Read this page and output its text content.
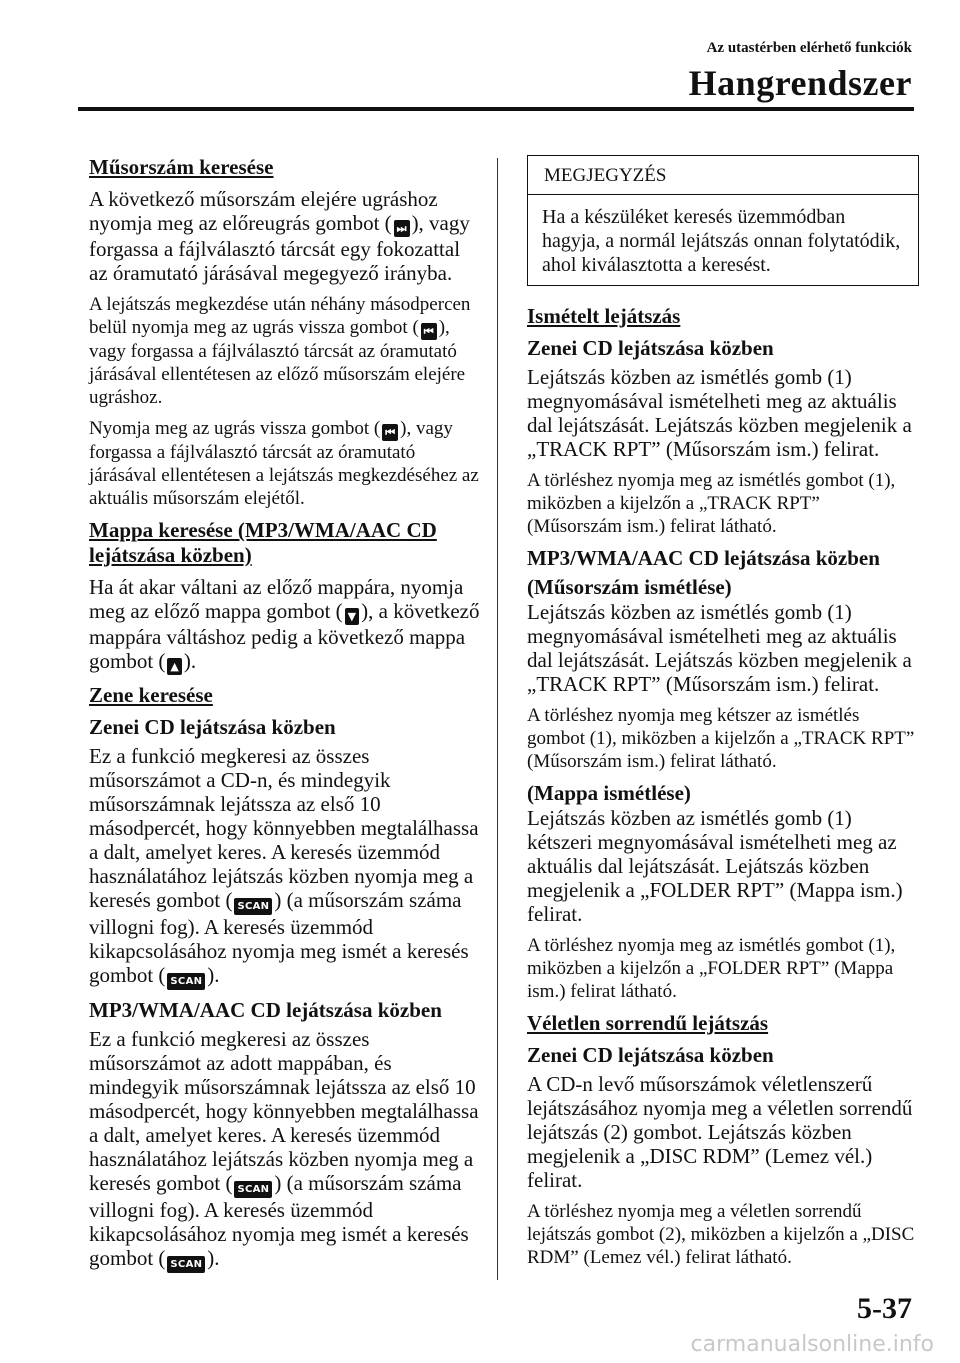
Az utastérben elérhető funkciók
Hangrendszer
Műsorszám keresése

A következő műsorszám elejére ugráshoz nyomja meg az előreugrás gombot ( ⏭ ), vagy forgassa a fájlválasztó tárcsát egy fokozattal az óramutató járásával megegyező irányba.

A lejátszás megkezdése után néhány másodpercen belül nyomja meg az ugrás vissza gombot ( ⏮ ), vagy forgassa a fájlválasztó tárcsát az óramutató járásával ellentétesen az előző műsorszám elejére ugráshoz.

Nyomja meg az ugrás vissza gombot ( ⏮ ), vagy forgassa a fájlválasztó tárcsát az óramutató járásával ellentétesen a lejátszás megkezdéséhez az aktuális műsorszám elejétől.

Mappa keresése (MP3/WMA/AAC CD lejátszása közben)

Ha át akar váltani az előző mappára, nyomja meg az előző mappa gombot ( ▼ ), a következő mappára váltáshoz pedig a következő mappa gombot ( ▲ ).

Zene keresése
Zenei CD lejátszása közben

Ez a funkció megkeresi az összes műsorszámot a CD-n, és mindegyik műsorszámnak lejátssza az első 10 másodpercét, hogy könnyebben megtalálhassa a dalt, amelyet keres. A keresés üzemmód használatához lejátszás közben nyomja meg a keresés gombot ( SCAN ) (a műsorszám száma villogni fog). A keresés üzemmód kikapcsolásához nyomja meg ismét a keresés gombot ( SCAN ).

MP3/WMA/AAC CD lejátszása közben

Ez a funkció megkeresi az összes műsorszámot az adott mappában, és mindegyik műsorszámnak lejátssza az első 10 másodpercét, hogy könnyebben megtalálhassa a dalt, amelyet keres. A keresés üzemmód használatához lejátszás közben nyomja meg a keresés gombot ( SCAN ) (a műsorszám száma villogni fog). A keresés üzemmód kikapcsolásához nyomja meg ismét a keresés gombot ( SCAN ).

MEGJEGYZÉS
Ha a készüléket keresés üzemmódban hagyja, a normál lejátszás onnan folytatódik, ahol kiválasztotta a keresést.
Ismételt lejátszás
Zenei CD lejátszása közben

Lejátszás közben az ismétlés gomb (1) megnyomásával ismételheti meg az aktuális dal lejátszását. Lejátszás közben megjelenik a „TRACK RPT” (Műsorszám ism.) felirat.

A törléshez nyomja meg az ismétlés gombot (1), miközben a kijelzőn a „TRACK RPT” (Műsorszám ism.) felirat látható.

MP3/WMA/AAC CD lejátszása közben
(Műsorszám ismétlése)

Lejátszás közben az ismétlés gomb (1) megnyomásával ismételheti meg az aktuális dal lejátszását. Lejátszás közben megjelenik a „TRACK RPT” (Műsorszám ism.) felirat.

A törléshez nyomja meg kétszer az ismétlés gombot (1), miközben a kijelzőn a „TRACK RPT” (Műsorszám ism.) felirat látható.

(Mappa ismétlése)

Lejátszás közben az ismétlés gomb (1) kétszeri megnyomásával ismételheti meg az aktuális dal lejátszását. Lejátszás közben megjelenik a „FOLDER RPT” (Mappa ism.) felirat.

A törléshez nyomja meg az ismétlés gombot (1), miközben a kijelzőn a „FOLDER RPT” (Mappa ism.) felirat látható.

Véletlen sorrendű lejátszás
Zenei CD lejátszása közben

A CD-n levő műsorszámok véletlenszerű lejátszásához nyomja meg a véletlen sorrendű lejátszás (2) gombot. Lejátszás közben megjelenik a „DISC RDM” (Lemez vél.) felirat.

A törléshez nyomja meg a véletlen sorrendű lejátszás gombot (2), miközben a kijelzőn a „DISC RDM” (Lemez vél.) felirat látható.

5-37
carmanualsonline.info
